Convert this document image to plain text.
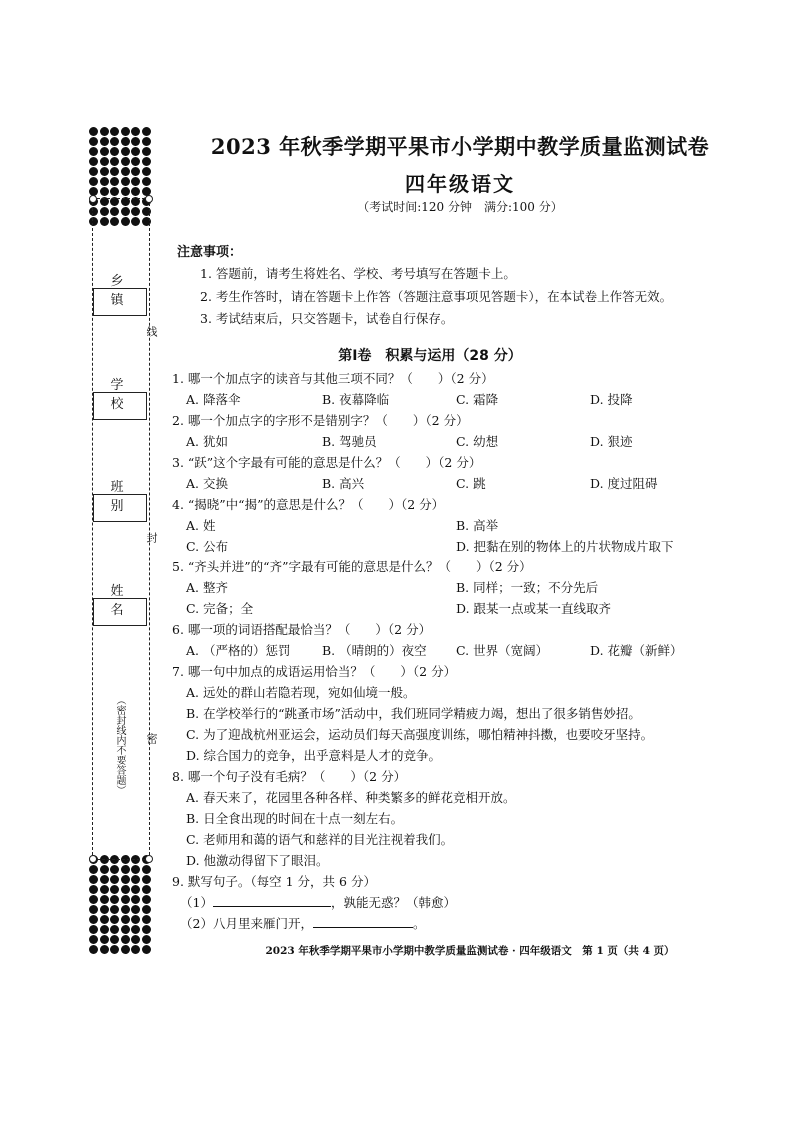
乡 镇
学 校
班 别
姓 名
线
封
密
（密封线内不要答题）
2023 年秋季学期平果市小学期中教学质量监测试卷
四年级语文
（考试时间:120 分钟　满分:100 分）
注意事项：
1. 答题前，请考生将姓名、学校、考号填写在答题卡上。
2. 考生作答时，请在答题卡上作答（答题注意事项见答题卡），在本试卷上作答无效。
3. 考试结束后，只交答题卡，试卷自行保存。
第Ⅰ卷　积累与运用（28 分）
1. 哪一个加点字的读音与其他三项不同？（　　）（2 分）
A. 降落伞	B. 夜幕降临	C. 霜降	D. 投降
2. 哪一个加点字的字形不是错别字？（　　）（2 分）
A. 犹如	B. 驾驰员	C. 幼想	D. 狠迹
3. “跃”这个字最有可能的意思是什么？（　　）（2 分）
A. 交换	B. 高兴	C. 跳	D. 度过阻碍
4. “揭晓”中“揭”的意思是什么？（　　）（2 分）
A. 姓	B. 高举
C. 公布	D. 把黏在别的物体上的片状物成片取下
5. “齐头并进”的“齐”字最有可能的意思是什么？（　　）（2 分）
A. 整齐	B. 同样；一致；不分先后
C. 完备；全	D. 跟某一点或某一直线取齐
6. 哪一项的词语搭配最恰当？（　　）（2 分）
A. （严格的）惩罚	B. （晴朗的）夜空 C. 世界（宽阔）	D. 花瓣（新鲜）
7. 哪一句中加点的成语运用恰当？（　　）（2 分）
A. 远处的群山若隐若现，宛如仙境一般。
B. 在学校举行的“跳蚤市场”活动中，我们班同学精疲力竭，想出了很多销售妙招。
C. 为了迎战杭州亚运会，运动员们每天高强度训练，哪怕精神抖擞，也要咬牙坚持。
D. 综合国力的竞争，出乎意料是人才的竞争。
8. 哪一个句子没有毛病？（　　）（2 分）
A. 春天来了，花园里各种各样、种类繁多的鲜花竞相开放。
B. 日全食出现的时间在十点一刻左右。
C. 老师用和蔼的语气和慈祥的目光注视着我们。
D. 他激动得留下了眼泪。
9. 默写句子。（每空 1 分，共 6 分）
（1）	，孰能无惑？（韩愈）
（2）八月里来雁门开，	。
2023 年秋季学期平果市小学期中教学质量监测试卷 · 四年级语文　第 1 页（共 4 页）
